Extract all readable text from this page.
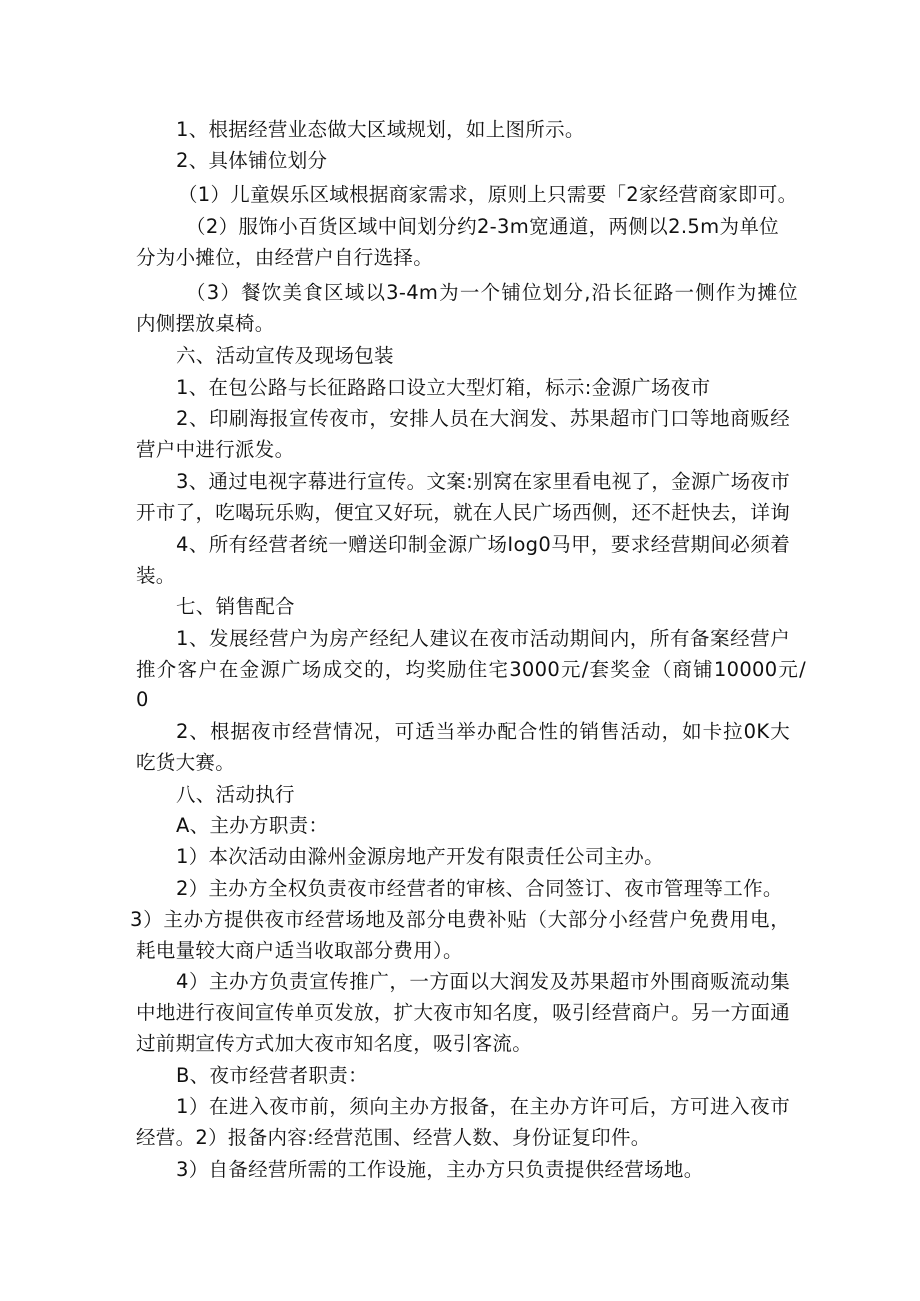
1、根据经营业态做大区域规划，如上图所示。

2、具体铺位划分

（1）儿童娱乐区域根据商家需求，原则上只需要「2家经营商家即可。

（2）服饰小百货区域中间划分约2-3m宽通道，两侧以2.5m为单位

分为小摊位，由经营户自行选择。

（3）餐饮美食区域以3-4m为一个铺位划分,沿长征路一侧作为摊位

内侧摆放桌椅。

六、活动宣传及现场包装

1、在包公路与长征路路口设立大型灯箱，标示:金源广场夜市

2、印刷海报宣传夜市，安排人员在大润发、苏果超市门口等地商贩经

营户中进行派发。

3、通过电视字幕进行宣传。文案:别窝在家里看电视了，金源广场夜市

开市了，吃喝玩乐购，便宜又好玩，就在人民广场西侧，还不赶快去，详询

4、所有经营者统一赠送印制金源广场Iog0马甲，要求经营期间必须着

装。

七、销售配合

1、发展经营户为房产经纪人建议在夜市活动期间内，所有备案经营户

推介客户在金源广场成交的，均奖励住宅3000元/套奖金（商铺10000元/

0

2、根据夜市经营情况，可适当举办配合性的销售活动，如卡拉0K大

吃货大赛。

八、活动执行

A、主办方职责：

1）本次活动由滁州金源房地产开发有限责任公司主办。

2）主办方全权负责夜市经营者的审核、合同签订、夜市管理等工作。

3）主办方提供夜市经营场地及部分电费补贴（大部分小经营户免费用电，

耗电量较大商户适当收取部分费用）。

4）主办方负责宣传推广，一方面以大润发及苏果超市外围商贩流动集

中地进行夜间宣传单页发放，扩大夜市知名度，吸引经营商户。另一方面通

过前期宣传方式加大夜市知名度，吸引客流。

B、夜市经营者职责：

1）在进入夜市前，须向主办方报备，在主办方许可后，方可进入夜市

经营。2）报备内容:经营范围、经营人数、身份证复印件。

3）自备经营所需的工作设施，主办方只负责提供经营场地。
